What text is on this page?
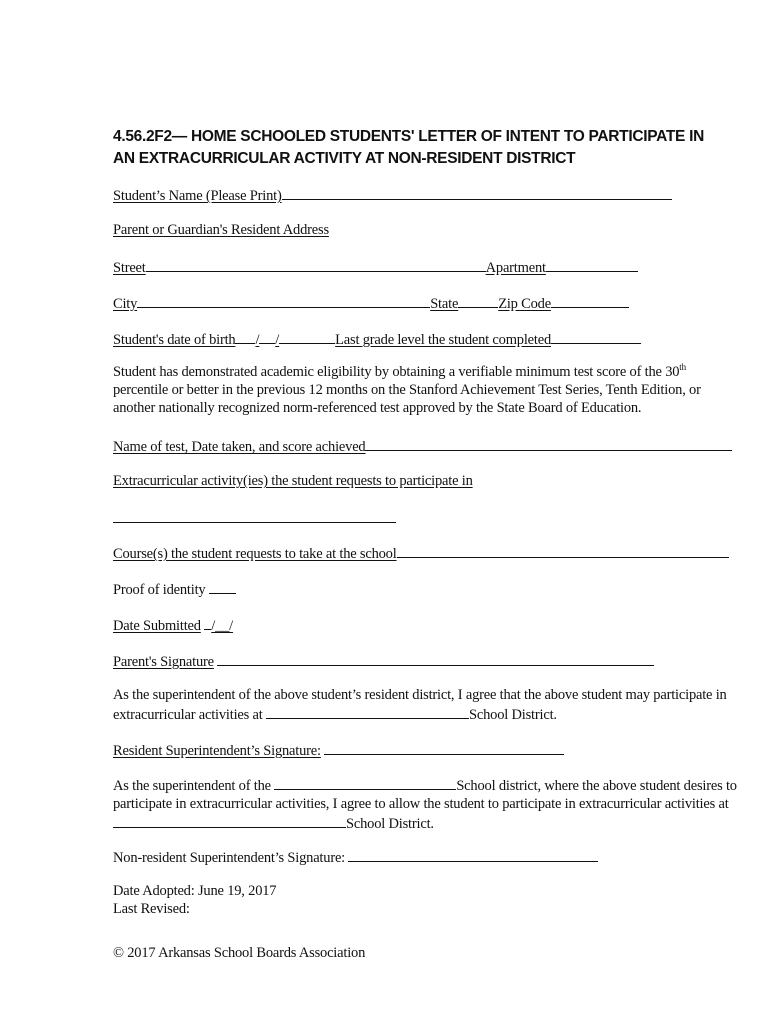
4.56.2F2— HOME SCHOOLED STUDENTS' LETTER OF INTENT TO PARTICIPATE IN
AN EXTRACURRICULAR ACTIVITY AT NON-RESIDENT DISTRICT
Student’s Name (Please Print)
Parent or Guardian's Resident Address
Street	Apartment
City	State	Zip Code
Student's date of birth / /	Last grade level the student completed

Student has demonstrated academic eligibility by obtaining a verifiable minimum test score of the 30th percentile or better in the previous 12 months on the Stanford Achievement Test Series, Tenth Edition, or another nationally recognized norm-referenced test approved by the State Board of Education.

Name of test, Date taken, and score achieved
Extracurricular activity(ies) the student requests to participate in
Course(s) the student requests to take at the school
Proof of identity
Date Submitted /__/
Parent's Signature

As the superintendent of the above student’s resident district, I agree that the above student may participate in extracurricular activities at	School District.

Resident Superintendent’s Signature:

As the superintendent of the	School district, where the above student desires to participate in extracurricular activities, I agree to allow the student to participate in extracurricular activities at School District.

Non-resident Superintendent’s Signature:
Date Adopted: June 19, 2017
Last Revised:
© 2017 Arkansas School Boards Association
